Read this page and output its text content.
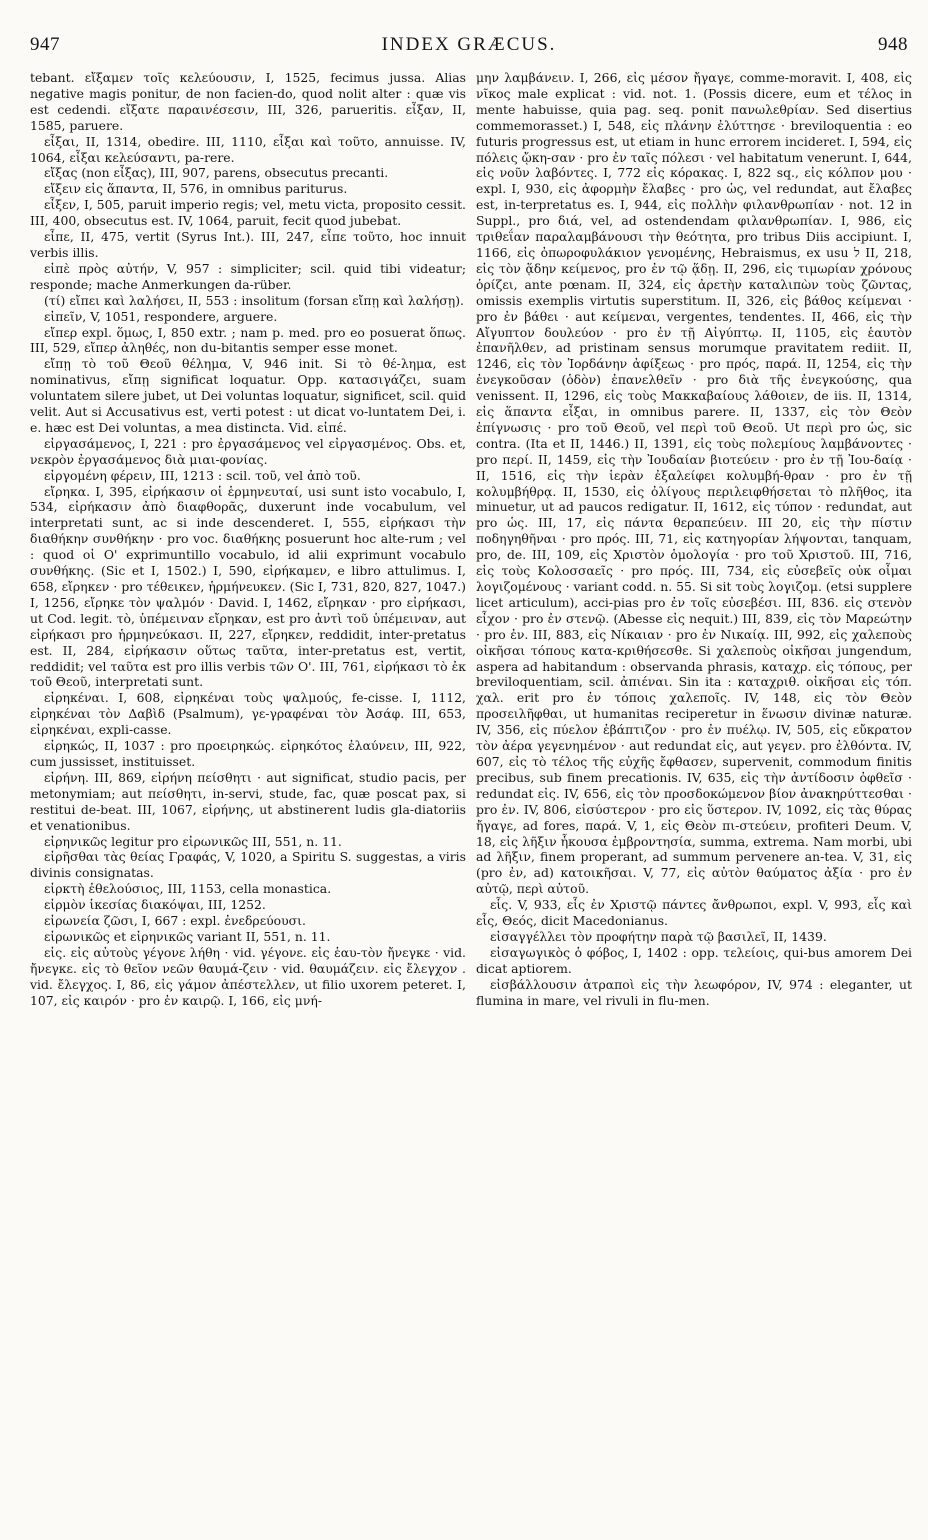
947	INDEX GRÆCUS.	948

tebant. εἴξαμεν τοῖς κελεύουσιν, I, 1525, fecimus jussa. Alias negative magis ponitur, de non facien-do, quod nolit alter : quæ vis est cedendi. εἴξατε παραινέσεσιν, III, 326, parueritis. εἶξαν, II, 1585, paruere.

εἶξαι, II, 1314, obedire. III, 1110, εἶξαι καὶ τοῦτο, annuisse. IV, 1064, εἶξαι κελεύσαντι, pa-rere.

εἴξας (non εἶξας), III, 907, parens, obsecutus precanti.

εἴξειν εἰς ἅπαντα, II, 576, in omnibus pariturus.

εἶξεν, I, 505, paruit imperio regis; vel, metu victa, proposito cessit. III, 400, obsecutus est. IV, 1064, paruit, fecit quod jubebat.

εἶπε, II, 475, vertit (Syrus Int.). III, 247, εἶπε τοῦτο, hoc innuit verbis illis.

εἰπὲ πρὸς αὐτήν, V, 957 : simpliciter; scil. quid tibi videatur; responde; mache Anmerkungen da-rüber.

(τί) εἴπει καὶ λαλήσει, II, 553 : insolitum (forsan εἴπῃ καὶ λαλήσῃ).

εἰπεῖν, V, 1051, respondere, arguere.

εἴπερ expl. ὅμως, I, 850 extr. ; nam p. med. pro eo posuerat ὅπως. III, 529, εἴπερ ἀληθές, non du-bitantis semper esse monet.

εἴπῃ τὸ τοῦ Θεοῦ θέλημα, V, 946 init. Si τὸ θέ-λημα, est nominativus, εἴπῃ significat loquatur. Opp. κατασιγάζει, suam voluntatem silere jubet, ut Dei voluntas loquatur, significet, scil. quid velit. Aut si Accusativus est, verti potest : ut dicat vo-luntatem Dei, i. e. hæc est Dei voluntas, a mea distincta. Vid. εἰπέ.

εἰργασάμενος, I, 221 : pro ἐργασάμενος vel εἰργασμένος. Obs. et, νεκρὸν ἐργασάμενος διὰ μιαι-φονίας.

εἰργομένη φέρειν, III, 1213 : scil. τοῦ, vel ἀπὸ τοῦ.

εἴρηκα. I, 395, εἰρήκασιν οἱ ἑρμηνευταί, usi sunt isto vocabulo, I, 534, εἰρήκασιν ἀπὸ διαφθορᾶς, duxerunt inde vocabulum, vel interpretati sunt, ac si inde descenderet. I, 555, εἰρήκασι τὴν διαθήκην συνθήκην · pro voc. διαθήκης posuerunt hoc alte-rum ; vel : quod οἱ Ο' exprimuntillo vocabulo, id alii exprimunt vocabulo συνθήκης. (Sic et I, 1502.) I, 590, εἰρήκαμεν, e libro attulimus. I, 658, εἴρηκεν · pro τέθεικεν, ἡρμήνευκεν. (Sic I, 731, 820, 827, 1047.) I, 1256, εἴρηκε τὸν ψαλμόν · David. I, 1462, εἴρηκαν · pro εἰρήκασι, ut Cod. legit. τὸ, ὑπέμειναν εἴρηκαν, est pro ἀντὶ τοῦ ὑπέμειναν, aut εἰρήκασι pro ἡρμηνεύκασι. II, 227, εἴρηκεν, reddidit, inter-pretatus est. II, 284, εἰρήκασιν οὕτως ταῦτα, inter-pretatus est, vertit, reddidit; vel ταῦτα est pro illis verbis τῶν Ο'. III, 761, εἰρήκασι τὸ ἐκ τοῦ Θεοῦ, interpretati sunt.

εἰρηκέναι. I, 608, εἰρηκέναι τοὺς ψαλμούς, fe-cisse. I, 1112, εἰρηκέναι τὸν Δαβὶδ (Psalmum), γε-γραφέναι τὸν Ἀσάφ. III, 653, εἰρηκέναι, expli-casse.

εἰρηκώς, II, 1037 : pro προειρηκώς. εἰρηκότος ἐλαύνειν, III, 922, cum jussisset, instituisset.

εἰρήνη. III, 869, εἰρήνη πείσθητι · aut significat, studio pacis, per metonymiam; aut πείσθητι, in-servi, stude, fac, quæ poscat pax, si restitui de-beat. III, 1067, εἰρήνης, ut abstinerent ludis gla-diatoriis et venationibus.

εἰρηνικῶς legitur pro εἰρωνικῶς III, 551, n. 11.

εἰρῆσθαι τὰς θείας Γραφάς, V, 1020, a Spiritu S. suggestas, a viris divinis consignatas.

εἰρκτὴ ἐθελούσιος, III, 1153, cella monastica.

εἰρμὸν ἱκεσίας διακόψαι, III, 1252.

εἰρωνεία ζῶσι, I, 667 : expl. ἐνεδρεύουσι.

εἰρωνικῶς et εἰρηνικῶς variant II, 551, n. 11.

εἰς. εἰς αὐτοὺς γέγονε λήθη · vid. γέγονε. εἰς ἑαυ-τὸν ἤνεγκε · vid. ἤνεγκε. εἰς τὸ θεῖον νεῶν θαυμά-ζειν · vid. θαυμάζειν. εἰς ἔλεγχον . vid. ἔλεγχος. I, 86, εἰς γάμον ἀπέστελλεν, ut filio uxorem peteret. I, 107, εἰς καιρόν · pro ἐν καιρῷ. I, 166, εἰς μνή-

μην λαμβάνειν. I, 266, εἰς μέσον ἤγαγε, comme-moravit. I, 408, εἰς νῖκος male explicat : vid. not. 1. (Possis dicere, eum et τέλος in mente habuisse, quia pag. seq. ponit πανωλεθρίαν. Sed disertius commemorasset.) I, 548, εἰς πλάνην ἐλύττησε · breviloquentia : eo futuris progressus est, ut etiam in hunc errorem incideret. I, 594, εἰς πόλεις ᾤκη-σαν · pro ἐν ταῖς πόλεσι · vel habitatum venerunt. I, 644, εἰς νοῦν λαβόντες. I, 772 εἰς κόρακας. I, 822 sq., εἰς κόλπον μου · expl. I, 930, εἰς ἀφορμὴν ἔλαβες · pro ὡς, vel redundat, aut ἔλαβες est, in-terpretatus es. I, 944, εἰς πολλὴν φιλανθρωπίαν · not. 12 in Suppl., pro διά, vel, ad ostendendam φιλανθρωπίαν. I, 986, εἰς τριθεΐαν παραλαμβάνουσι τὴν θεότητα, pro tribus Diis accipiunt. I, 1166, εἰς ὀπωροφυλάκιον γενομένης, Hebraismus, ex usu ל II, 218, εἰς τὸν ᾅδην κείμενος, pro ἐν τῷ ᾅδῃ. II, 296, εἰς τιμωρίαν χρόνους ὁρίζει, ante pœnam. II, 324, εἰς ἀρετὴν καταλιπὼν τοὺς ζῶντας, omissis exemplis virtutis superstitum. II, 326, εἰς βάθος κείμεναι · pro ἐν βάθει · aut κείμεναι, vergentes, tendentes. II, 466, εἰς τὴν Αἴγυπτον δουλεύον · pro ἐν τῇ Αἰγύπτῳ. II, 1105, εἰς ἑαυτὸν ἐπανῆλθεν, ad pristinam sensus morumque pravitatem rediit. II, 1246, εἰς τὸν Ἰορδάνην ἀφίξεως · pro πρός, παρά. II, 1254, εἰς τὴν ἐνεγκοῦσαν (ὁδὸν) ἐπανελθεῖν · pro διὰ τῆς ἐνεγκούσης, qua venissent. II, 1296, εἰς τοὺς Μακκαβαίους λάθοιεν, de iis. II, 1314, εἰς ἅπαντα εἶξαι, in omnibus parere. II, 1337, εἰς τὸν Θεὸν ἐπίγνωσις · pro τοῦ Θεοῦ, vel περὶ τοῦ Θεοῦ. Ut περὶ pro ὡς, sic contra. (Ita et II, 1446.) II, 1391, εἰς τοὺς πολεμίους λαμβάνοντες · pro περί. II, 1459, εἰς τὴν Ἰουδαίαν βιοτεύειν · pro ἐν τῇ Ἰου-δαίᾳ · II, 1516, εἰς τὴν ἱερὰν ἐξαλείφει κολυμβή-θραν · pro ἐν τῇ κολυμβήθρᾳ. II, 1530, εἰς ὀλίγους περιλειφθήσεται τὸ πλῆθος, ita minuetur, ut ad paucos redigatur. II, 1612, εἰς τύπον · redundat, aut pro ὡς. III, 17, εἰς πάντα θεραπεύειν. III 20, εἰς τὴν πίστιν ποδηγηθῆναι · pro πρός. III, 71, εἰς κατηγορίαν λήψονται, tanquam, pro, de. III, 109, εἰς Χριστὸν ὁμολογία · pro τοῦ Χριστοῦ. III, 716, εἰς τοὺς Κολοσσαεῖς · pro πρός. III, 734, εἰς εὐσεβεῖς οὐκ οἶμαι λογιζομένους · variant codd. n. 55. Si sit τοὺς λογιζομ. (etsi supplere licet articulum), acci-pias pro ἐν τοῖς εὐσεβέσι. III, 836. εἰς στενὸν εἶχον · pro ἐν στενῷ. (Abesse εἰς nequit.) III, 839, εἰς τὸν Μαρεώτην · pro ἐν. III, 883, εἰς Νίκαιαν · pro ἐν Νικαίᾳ. III, 992, εἰς χαλεποὺς οἰκῆσαι τόπους κατα-κριθήσεσθε. Si χαλεποὺς οἰκῆσαι jungendum, aspera ad habitandum : observanda phrasis, καταχρ. εἰς τόπους, per breviloquentiam, scil. ἀπιέναι. Sin ita : καταχριθ. οἰκῆσαι εἰς τόπ. χαλ. erit pro ἐν τόποις χαλεποῖς. IV, 148, εἰς τὸν Θεὸν προσειλῆφθαι, ut humanitas reciperetur in ἕνωσιν divinæ naturæ. IV, 356, εἰς πύελον ἐβάπτιζον · pro ἐν πυέλῳ. IV, 505, εἰς εὔκρατον τὸν ἀέρα γεγενημένον · aut redundat εἰς, aut γεγεν. pro ἐλθόντα. IV, 607, εἰς τὸ τέλος τῆς εὐχῆς ἔφθασεν, supervenit, commodum finitis precibus, sub finem precationis. IV, 635, εἰς τὴν ἀντίδοσιν ὀφθεῖσ · redundat εἰς. IV, 656, εἰς τὸν προσδοκώμενον βίον ἀνακηρύττεσθαι · pro ἐν. IV, 806, εἰσύστερον · pro εἰς ὕστερον. IV, 1092, εἰς τὰς θύρας ἤγαγε, ad fores, παρά. V, 1, εἰς Θεὸν πι-στεύειν, profiteri Deum. V, 18, εἰς λῆξιν ἧκουσα ἐμβροντησία, summa, extrema. Nam morbi, ubi ad λῆξιν, finem properant, ad summum pervenere an-tea. V, 31, εἰς (pro ἐν, ad) κατοικῆσαι. V, 77, εἰς αὐτὸν θαύματος ἀξία · pro ἐν αὐτῷ, περὶ αὐτοῦ.

εἷς. V, 933, εἷς ἐν Χριστῷ πάντες ἄνθρωποι, expl. V, 993, εἷς καὶ εἷς, Θεός, dicit Macedonianus.

εἰσαγγέλλει τὸν προφήτην παρὰ τῷ βασιλεῖ, II, 1439.

εἰσαγωγικὸς ὁ φόβος, I, 1402 : opp. τελείοις, qui-bus amorem Dei dicat aptiorem.

εἰσβάλλουσιν ἀτραποὶ εἰς τὴν λεωφόρον, IV, 974 : eleganter, ut flumina in mare, vel rivuli in flu-men.
